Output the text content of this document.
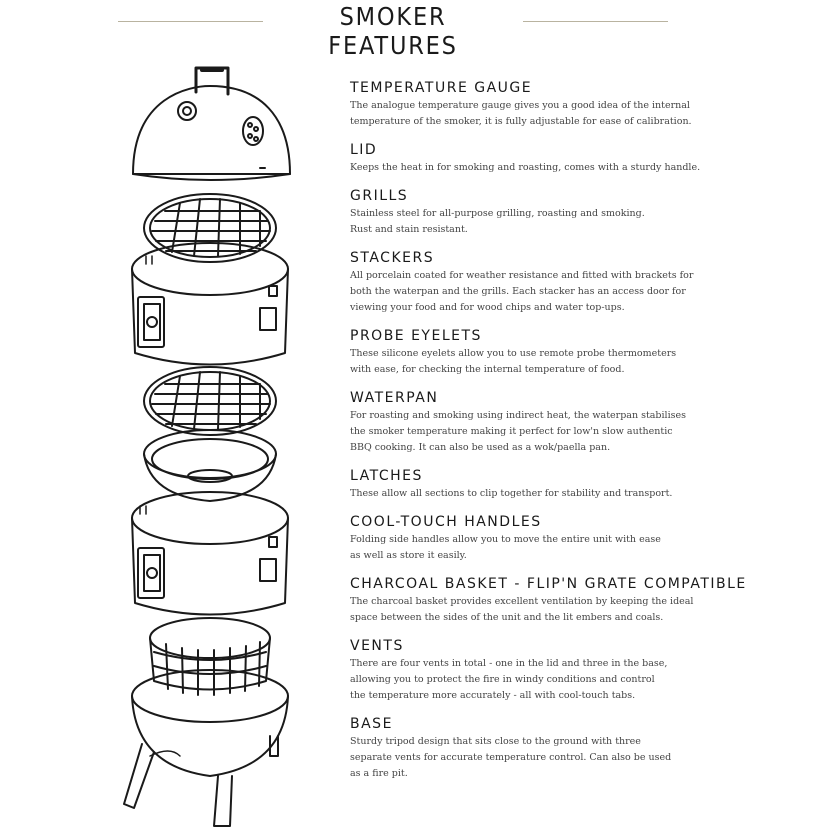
SMOKER FEATURES
TEMPERATURE GAUGE

The analogue temperature gauge gives you a good idea of the internal
temperature of the smoker, it is fully adjustable for ease of calibration.

LID

Keeps the heat in for smoking and roasting, comes with a sturdy handle.

GRILLS

Stainless steel for all-purpose grilling, roasting and smoking.
Rust and stain resistant.

STACKERS

All porcelain coated for weather resistance and fitted with brackets for
both the waterpan and the grills. Each stacker has an access door for
viewing your food and for wood chips and water top-ups.

PROBE EYELETS

These silicone eyelets allow you to use remote probe thermometers
with ease, for checking the internal temperature of food.

WATERPAN

For roasting and smoking using indirect heat, the waterpan stabilises
the smoker temperature making it perfect for low'n slow authentic
BBQ cooking. It can also be used as a wok/paella pan.

LATCHES

These allow all sections to clip together for stability and transport.

COOL-TOUCH HANDLES

Folding side handles allow you to move the entire unit with ease
as well as store it easily.

CHARCOAL BASKET - FLIP'N GRATE COMPATIBLE

The charcoal basket provides excellent ventilation by keeping the ideal
space between the sides of the unit and the lit embers and coals.

VENTS

There are four vents in total - one in the lid and three in the base,
allowing you to protect the fire in windy conditions and control
the temperature more accurately - all with cool-touch tabs.

BASE

Sturdy tripod design that sits close to the ground with three
separate vents for accurate temperature control. Can also be used
as a fire pit.
